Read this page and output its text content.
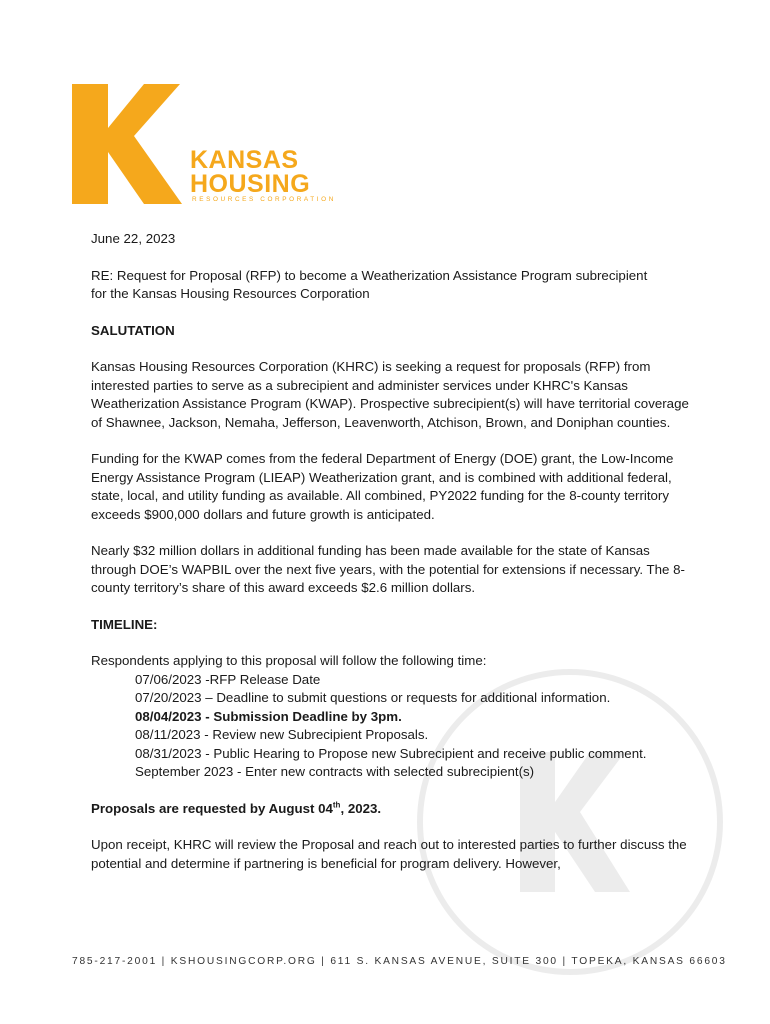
KANSAS
HOUSING
RESOURCES CORPORATION

June 22, 2023

RE: Request for Proposal (RFP) to become a Weatherization Assistance Program subrecipient
for the Kansas Housing Resources Corporation

SALUTATION

Kansas Housing Resources Corporation (KHRC) is seeking a request for proposals (RFP) from interested parties to serve as a subrecipient and administer services under KHRC's Kansas Weatherization Assistance Program (KWAP). Prospective subrecipient(s) will have territorial coverage of Shawnee, Jackson, Nemaha, Jefferson, Leavenworth, Atchison, Brown, and Doniphan counties.

Funding for the KWAP comes from the federal Department of Energy (DOE) grant, the Low-Income Energy Assistance Program (LIEAP) Weatherization grant, and is combined with additional federal, state, local, and utility funding as available. All combined, PY2022 funding for the 8-county territory exceeds $900,000 dollars and future growth is anticipated.

Nearly $32 million dollars in additional funding has been made available for the state of Kansas through DOE’s WAPBIL over the next five years, with the potential for extensions if necessary. The 8-county territory’s share of this award exceeds $2.6 million dollars.

TIMELINE:

Respondents applying to this proposal will follow the following time:

07/06/2023 -RFP Release Date
07/20/2023 – Deadline to submit questions or requests for additional information.
08/04/2023 - Submission Deadline by 3pm.
08/11/2023 - Review new Subrecipient Proposals.
08/31/2023 - Public Hearing to Propose new Subrecipient and receive public comment.
September 2023 - Enter new contracts with selected subrecipient(s)

Proposals are requested by August 04th, 2023.

Upon receipt, KHRC will review the Proposal and reach out to interested parties to further discuss the potential and determine if partnering is beneficial for program delivery. However,

785-217-2001 | KSHOUSINGCORP.ORG | 611 S. KANSAS AVENUE, SUITE 300 | TOPEKA, KANSAS 66603
